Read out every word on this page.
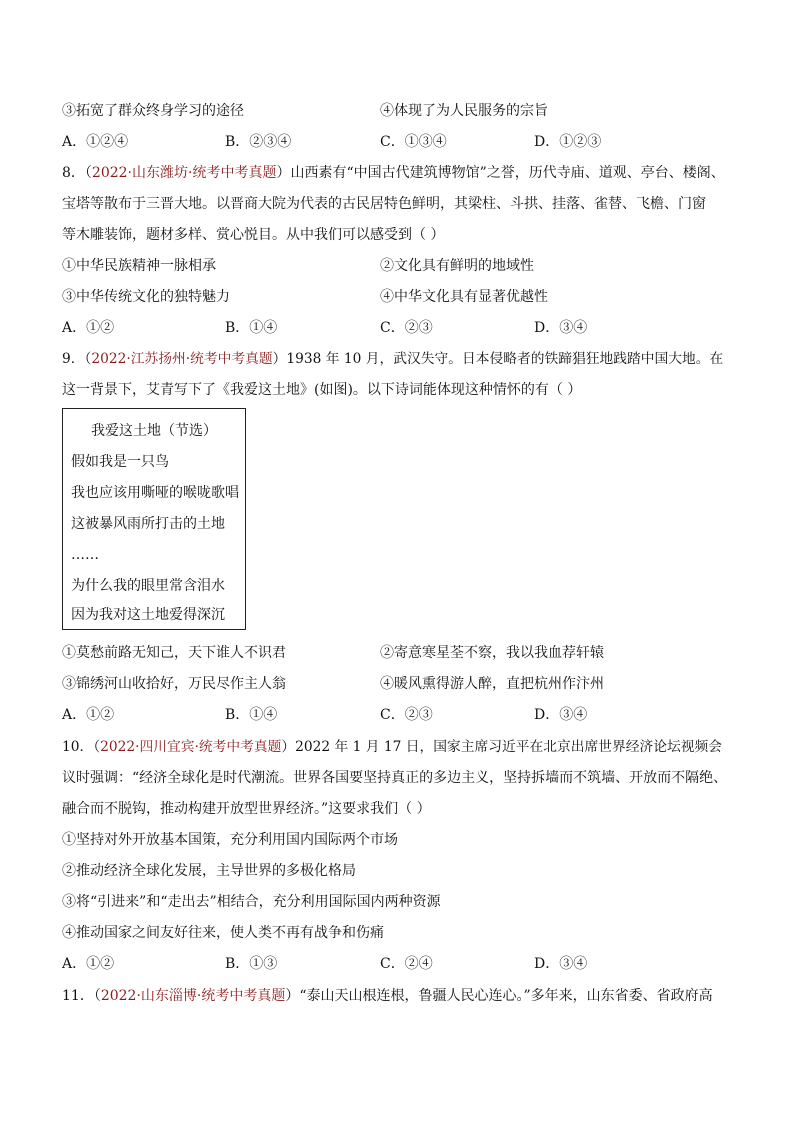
③拓宽了群众终身学习的途径	④体现了为人民服务的宗旨
A．①②④	B．②③④	C．①③④	D．①②③
8．（2022·山东潍坊·统考中考真题）山西素有“中国古代建筑博物馆”之誉，历代寺庙、道观、亭台、楼阁、
宝塔等散布于三晋大地。以晋商大院为代表的古民居特色鲜明，其梁柱、斗拱、挂落、雀替、飞檐、门窗
等木雕装饰，题材多样、赏心悦目。从中我们可以感受到（ ）
①中华民族精神一脉相承	②文化具有鲜明的地域性
③中华传统文化的独特魅力	④中华文化具有显著优越性
A．①②	B．①④	C．②③	D．③④
9．（2022·江苏扬州·统考中考真题）1938 年 10 月，武汉失守。日本侵略者的铁蹄猖狂地践踏中国大地。在
这一背景下，艾青写下了《我爱这土地》(如图)。以下诗词能体现这种情怀的有（ ）
我爱这土地（节选）
假如我是一只鸟
我也应该用嘶哑的喉咙歌唱
这被暴风雨所打击的土地
……
为什么我的眼里常含泪水
因为我对这土地爱得深沉
①莫愁前路无知己，天下谁人不识君	②寄意寒星荃不察，我以我血荐轩辕
③锦绣河山收拾好，万民尽作主人翁	④暖风熏得游人醉，直把杭州作汴州
A．①②	B．①④	C．②③	D．③④
10．（2022·四川宜宾·统考中考真题）2022 年 1 月 17 日，国家主席习近平在北京出席世界经济论坛视频会
议时强调：“经济全球化是时代潮流。世界各国要坚持真正的多边主义，坚持拆墙而不筑墙、开放而不隔绝、
融合而不脱钩，推动构建开放型世界经济。”这要求我们（ ）
①坚持对外开放基本国策，充分利用国内国际两个市场
②推动经济全球化发展，主导世界的多极化格局
③将“引进来”和“走出去”相结合，充分利用国际国内两种资源
④推动国家之间友好往来，使人类不再有战争和伤痛
A．①②	B．①③	C．②④	D．③④
11．（2022·山东淄博·统考中考真题）“泰山天山根连根，鲁疆人民心连心。”多年来，山东省委、省政府高
